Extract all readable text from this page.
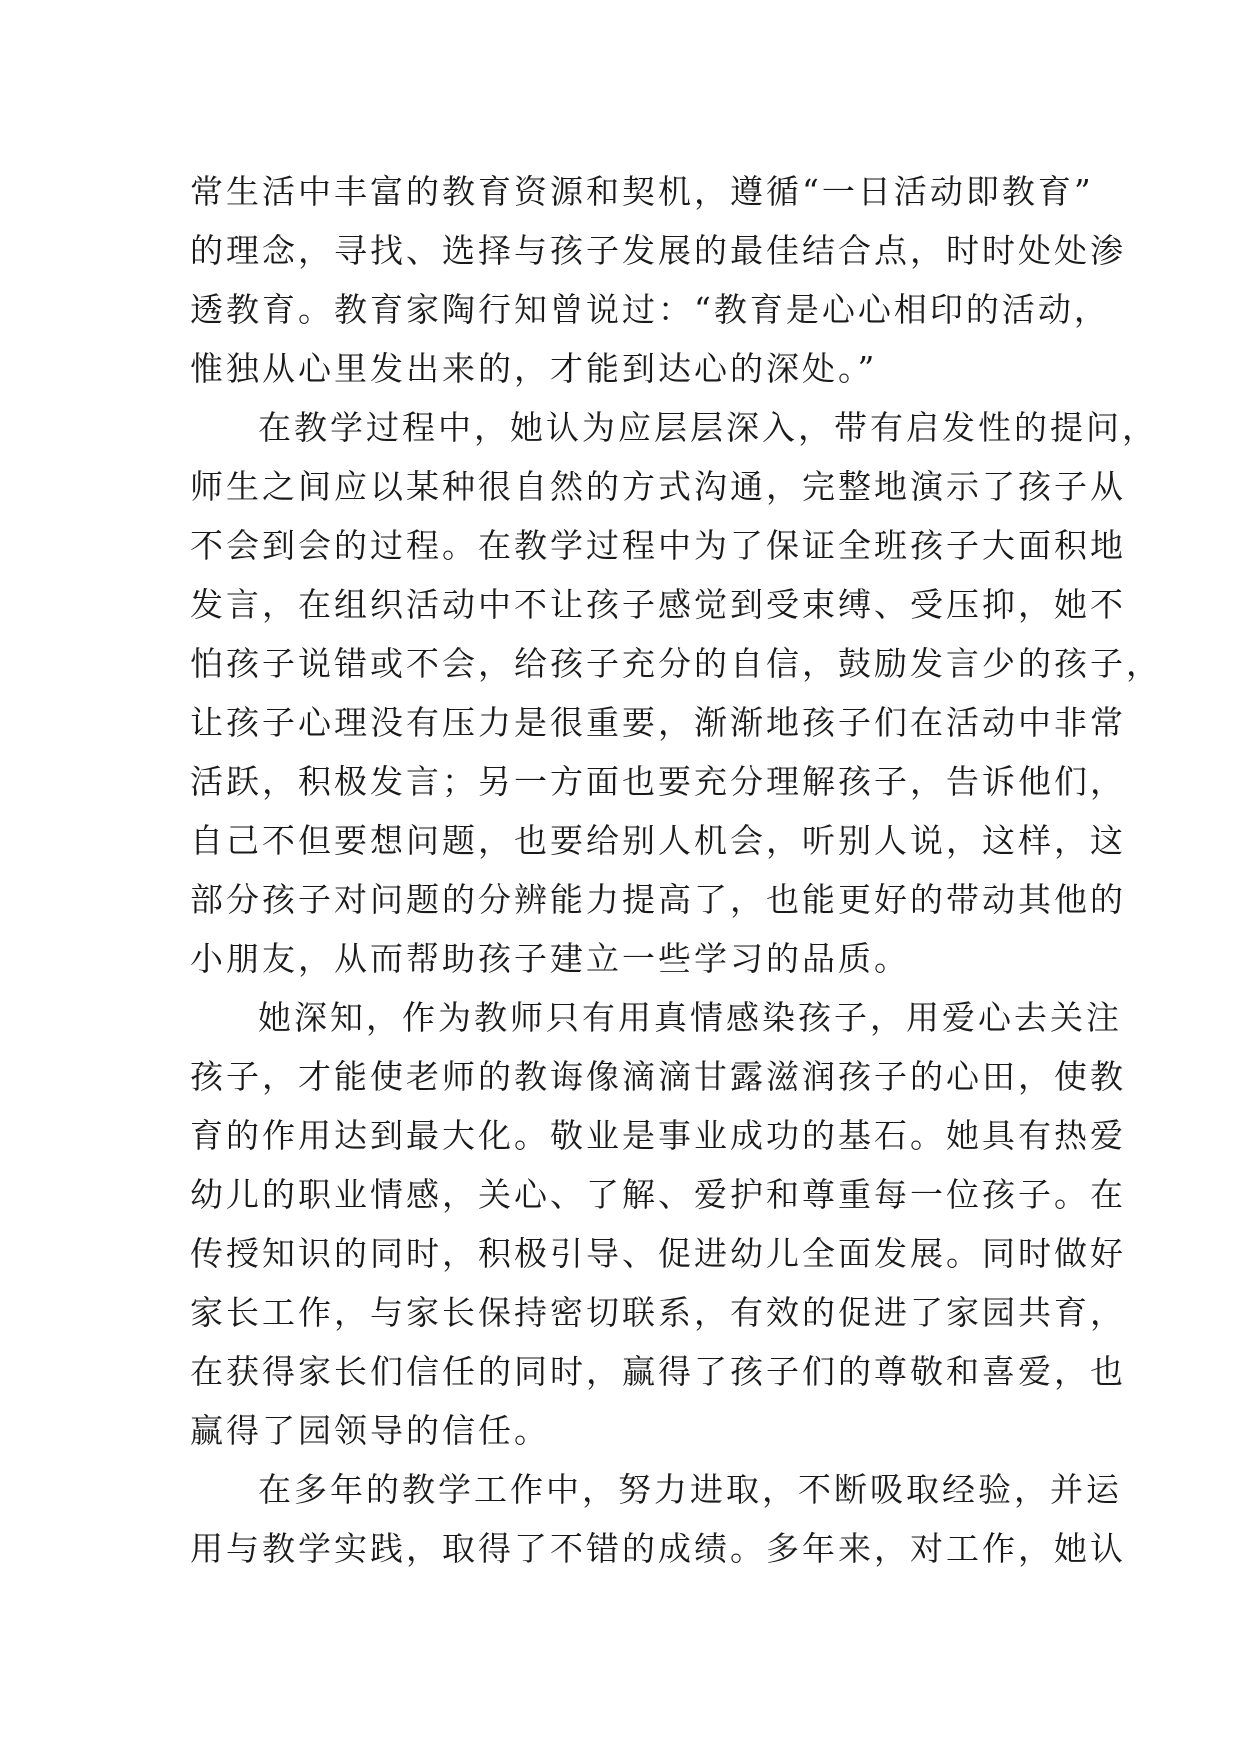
常生活中丰富的教育资源和契机，遵循“一日活动即教育”
的理念，寻找、选择与孩子发展的最佳结合点，时时处处渗
透教育。教育家陶行知曾说过：“教育是心心相印的活动，
惟独从心里发出来的，才能到达心的深处。”
在教学过程中，她认为应层层深入，带有启发性的提问，
师生之间应以某种很自然的方式沟通，完整地演示了孩子从
不会到会的过程。在教学过程中为了保证全班孩子大面积地
发言，在组织活动中不让孩子感觉到受束缚、受压抑，她不
怕孩子说错或不会，给孩子充分的自信，鼓励发言少的孩子，
让孩子心理没有压力是很重要，渐渐地孩子们在活动中非常
活跃，积极发言；另一方面也要充分理解孩子，告诉他们，
自己不但要想问题，也要给别人机会，听别人说，这样，这
部分孩子对问题的分辨能力提高了，也能更好的带动其他的
小朋友，从而帮助孩子建立一些学习的品质。
她深知，作为教师只有用真情感染孩子，用爱心去关注
孩子，才能使老师的教诲像滴滴甘露滋润孩子的心田，使教
育的作用达到最大化。敬业是事业成功的基石。她具有热爱
幼儿的职业情感，关心、了解、爱护和尊重每一位孩子。在
传授知识的同时，积极引导、促进幼儿全面发展。同时做好
家长工作，与家长保持密切联系，有效的促进了家园共育，
在获得家长们信任的同时，赢得了孩子们的尊敬和喜爱，也
赢得了园领导的信任。
在多年的教学工作中，努力进取，不断吸取经验，并运
用与教学实践，取得了不错的成绩。多年来，对工作，她认
